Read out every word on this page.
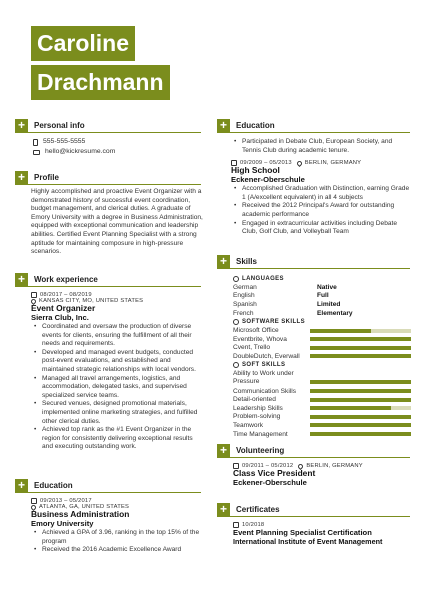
Caroline
Drachmann
+	Personal info
555-555-5555
hello@kickresume.com
+	Profile
Highly accomplished and proactive Event Organizer with a demonstrated history of successful event coordination, budget management, and clerical duties. A graduate of Emory University with a degree in Business Administration, equipped with exceptional communication and leadership abilities. Certified Event Planning Specialist with a strong aptitude for maintaining composure in high-pressure scenarios.
+	Work experience
08/2017 – 08/2019
KANSAS CITY, MO, UNITED STATES
Event Organizer
Sierra Club, Inc.
• Coordinated and oversaw the production of diverse events for clients, ensuring the fulfillment of all their needs and requirements.
• Developed and managed event budgets, conducted post-event evaluations, and established and maintained strategic relationships with local vendors.
• Managed all travel arrangements, logistics, and accommodation, delegated tasks, and supervised specialized service teams.
• Secured venues, designed promotional materials, implemented online marketing strategies, and fulfilled other clerical duties.
• Achieved top rank as the #1 Event Organizer in the region for consistently delivering exceptional results and executing outstanding work.
+	Education
09/2013 – 05/2017
ATLANTA, GA, UNITED STATES
Business Administration
Emory University
• Achieved a GPA of 3.96, ranking in the top 15% of the program
• Received the 2016 Academic Excellence Award
+	Education
• Participated in Debate Club, European Society, and Tennis Club during academic tenure.
09/2009 – 05/2013 BERLIN, GERMANY
High School
Eckener-Oberschule
• Accomplished Graduation with Distinction, earning Grade 1 (A/excellent equivalent) in all 4 subjects
• Received the 2012 Principal's Award for outstanding academic performance
• Engaged in extracurricular activities including Debate Club, Golf Club, and Volleyball Team
+	Skills
LANGUAGES
German	Native
English	Full
Spanish	Limited
French	Elementary
SOFTWARE SKILLS
Microsoft Office
Eventbrite, Whova
Cvent, Trello
DoubleDutch, Everwall
SOFT SKILLS
Ability to Work under Pressure
Communication Skills
Detail-oriented
Leadership Skills
Problem-solving
Teamwork
Time Management
+	Volunteering
09/2011 – 05/2012 BERLIN, GERMANY
Class Vice President
Eckener-Oberschule
+	Certificates
10/2018
Event Planning Specialist Certification
International Institute of Event Management
